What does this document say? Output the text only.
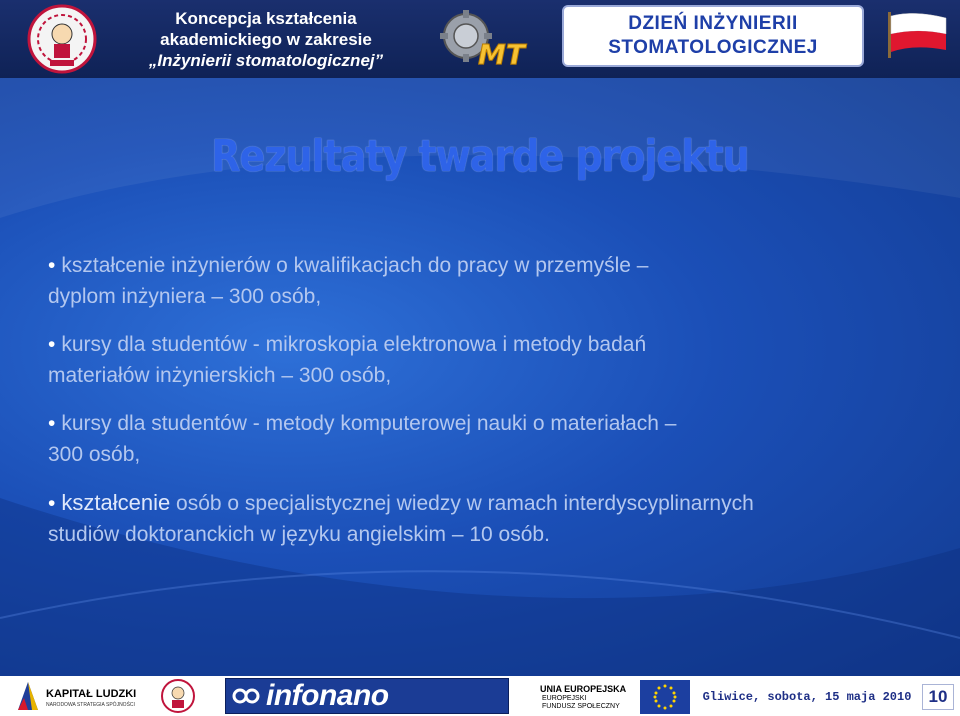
Koncepcja kształcenia
akademickiego w zakresie
„Inżynierii stomatologicznej”	MT
DZIEŃ INŻYNIERII
STOMATOLOGICZNEJ
Rezultaty twarde projektu
• kształcenie inżynierów o kwalifikacjach do pracy w przemyśle –
dyplom inżyniera – 300 osób,
• kursy dla studentów - mikroskopia elektronowa i metody badań
materiałów inżynierskich – 300 osób,
• kursy dla studentów - metody komputerowej nauki o materiałach –
300 osób,
• kształcenie osób o specjalistycznej wiedzy w ramach interdyscyplinarnych
studiów doktoranckich w języku angielskim – 10 osób.
KAPITAŁ LUDZKI
NARODOWA STRATEGIA SPÓJNOŚCI	infonano	UNIA EUROPEJSKA
EUROPEJSKI
FUNDUSZ SPOŁECZNY
Gliwice, sobota, 15 maja 2010	10
